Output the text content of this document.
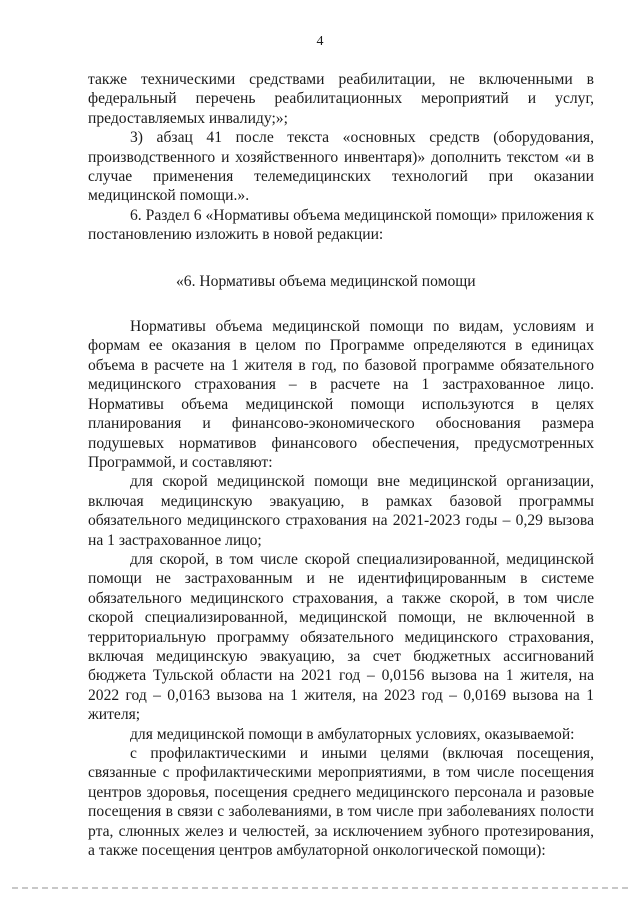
4

также техническими средствами реабилитации, не включенными в федеральный перечень реабилитационных мероприятий и услуг, предоставляемых инвалиду;»;

3) абзац 41 после текста «основных средств (оборудования, производственного и хозяйственного инвентаря)» дополнить текстом «и в случае применения телемедицинских технологий при оказании медицинской помощи.».

6. Раздел 6 «Нормативы объема медицинской помощи» приложения к постановлению изложить в новой редакции:

«6. Нормативы объема медицинской помощи

Нормативы объема медицинской помощи по видам, условиям и формам ее оказания в целом по Программе определяются в единицах объема в расчете на 1 жителя в год, по базовой программе обязательного медицинского страхования – в расчете на 1 застрахованное лицо. Нормативы объема медицинской помощи используются в целях планирования и финансово-экономического обоснования размера подушевых нормативов финансового обеспечения, предусмотренных Программой, и составляют:

для скорой медицинской помощи вне медицинской организации, включая медицинскую эвакуацию, в рамках базовой программы обязательного медицинского страхования на 2021-2023 годы – 0,29 вызова на 1 застрахованное лицо;

для скорой, в том числе скорой специализированной, медицинской помощи не застрахованным и не идентифицированным в системе обязательного медицинского страхования, а также скорой, в том числе скорой специализированной, медицинской помощи, не включенной в территориальную программу обязательного медицинского страхования, включая медицинскую эвакуацию, за счет бюджетных ассигнований бюджета Тульской области на 2021 год – 0,0156 вызова на 1 жителя, на 2022 год – 0,0163 вызова на 1 жителя, на 2023 год – 0,0169 вызова на 1 жителя;

для медицинской помощи в амбулаторных условиях, оказываемой:

с профилактическими и иными целями (включая посещения, связанные с профилактическими мероприятиями, в том числе посещения центров здоровья, посещения среднего медицинского персонала и разовые посещения в связи с заболеваниями, в том числе при заболеваниях полости рта, слюнных желез и челюстей, за исключением зубного протезирования, а также посещения центров амбулаторной онкологической помощи):
